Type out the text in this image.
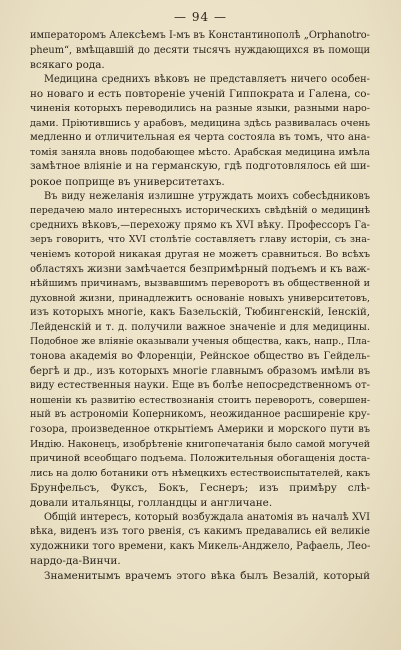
— 94 —
императоромъ Алексѣемъ I-мъ въ Константинополѣ „Orphanotro-
pheum“, вмѣщавшій до десяти тысячъ нуждающихся въ помощи
всякаго рода.
Медицина среднихъ вѣковъ не представляетъ ничего особен-
но новаго и есть повтореніе ученій Гиппократа и Галена, со-
чиненія которыхъ переводились на разные языки, разными наро-
дами. Пріютившись у арабовъ, медицина здѣсь развивалась очень
медленно и отличительная ея черта состояла въ томъ, что ана-
томія заняла вновь подобающее мѣсто. Арабская медицина имѣла
замѣтное вліяніе и на германскую, гдѣ подготовлялось ей ши-
рокое поприще въ университетахъ.
Въ виду нежеланія излишне утруждать моихъ собесѣдниковъ
передачею мало интересныхъ историческихъ свѣдѣній о медицинѣ
среднихъ вѣковъ,—перехожу прямо къ XVI вѣку. Профессоръ Га-
зеръ говоритъ, что XVI столѣтіе составляетъ главу исторіи, съ зна-
ченіемъ которой никакая другая не можетъ сравниться. Во всѣхъ
областяхъ жизни замѣчается безпримѣрный подъемъ и къ важ-
нѣйшимъ причинамъ, вызвавшимъ переворотъ въ общественной и
духовной жизни, принадлежитъ основаніе новыхъ университетовъ,
изъ которыхъ многіе, какъ Базельскій, Тюбингенскій, Іенскій,
Лейденскій и т. д. получили важное значеніе и для медицины.
Подобное же вліяніе оказывали ученыя общества, какъ, напр., Пла-
тонова академія во Флоренціи, Рейнское общество въ Гейдель-
бергѣ и др., изъ которыхъ многіе главнымъ образомъ имѣли въ
виду естественныя науки. Еще въ болѣе непосредственномъ от-
ношеніи къ развитію естествознанія стоитъ переворотъ, совершен-
ный въ астрономіи Коперникомъ, неожиданное расширеніе кру-
гозора, произведенное открытіемъ Америки и морского пути въ
Индію. Наконецъ, изобрѣтеніе книгопечатанія было самой могучей
причиной всеобщаго подъема. Положительныя обогащенія доста-
лись на долю ботаники отъ нѣмецкихъ естествоиспытателей, какъ
Брунфельсъ, Фуксъ, Бокъ, Геснеръ; изъ примѣру слѣ-
довали итальянцы, голландцы и англичане.
Общій интересъ, который возбуждала анатомія въ началѣ XVI
вѣка, виденъ изъ того рвенія, съ какимъ предавались ей великіе
художники того времени, какъ Микель-Анджело, Рафаель, Лео-
нардо-да-Винчи.
Знаменитымъ врачемъ этого вѣка былъ Везалій, который
